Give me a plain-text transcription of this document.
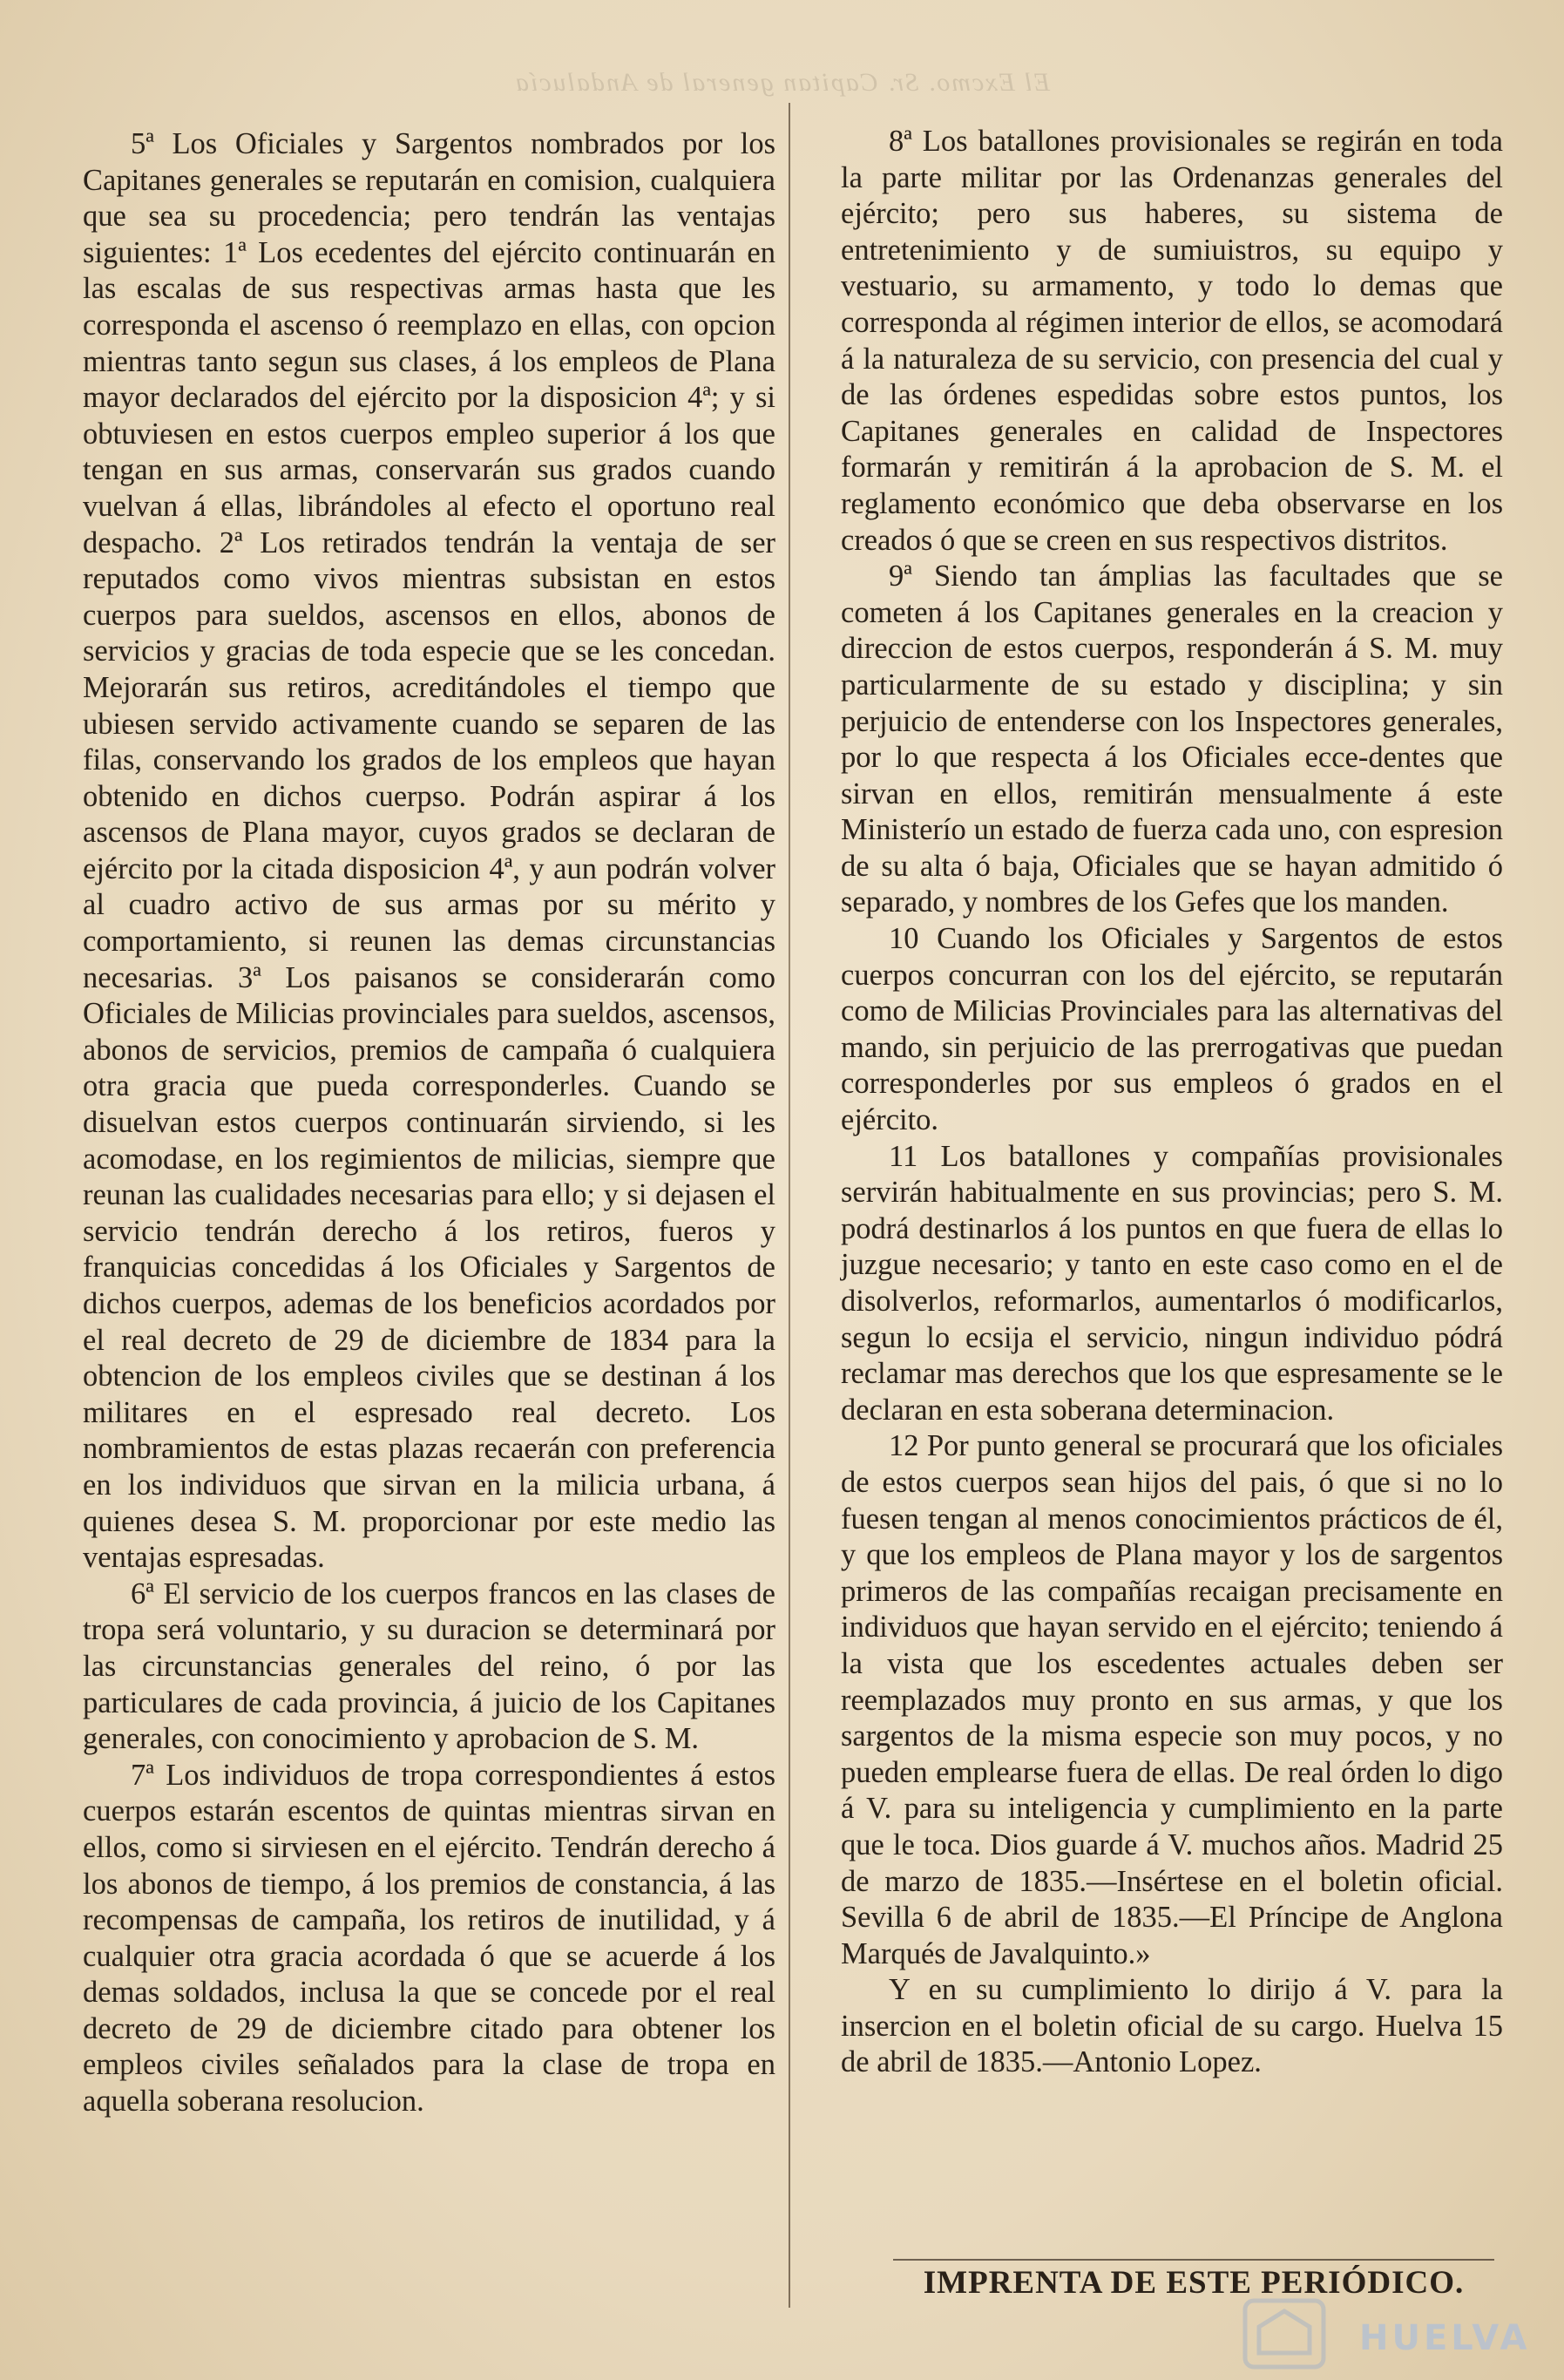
El Excmo. Sr. Capitan general de Andalucía

5ª Los Oficiales y Sargentos nombrados por los Capitanes generales se reputarán en comision, cualquiera que sea su procedencia; pero tendrán las ventajas siguientes: 1ª Los ecedentes del ejército continuarán en las escalas de sus respectivas armas hasta que les corresponda el ascenso ó reemplazo en ellas, con opcion mientras tanto segun sus clases, á los empleos de Plana mayor declarados del ejército por la disposicion 4ª; y si obtuviesen en estos cuerpos empleo superior á los que tengan en sus armas, conservarán sus grados cuando vuelvan á ellas, librándoles al efecto el oportuno real despacho. 2ª Los retirados tendrán la ventaja de ser reputados como vivos mientras subsistan en estos cuerpos para sueldos, ascensos en ellos, abonos de servicios y gracias de toda especie que se les concedan. Mejorarán sus retiros, acreditándoles el tiempo que ubiesen servido activamente cuando se separen de las filas, conservando los grados de los empleos que hayan obtenido en dichos cuerpso. Podrán aspirar á los ascensos de Plana mayor, cuyos grados se declaran de ejército por la citada disposicion 4ª, y aun podrán volver al cuadro activo de sus armas por su mérito y comportamiento, si reunen las demas circunstancias necesarias. 3ª Los paisanos se considerarán como Oficiales de Milicias provinciales para sueldos, ascensos, abonos de servicios, premios de campaña ó cualquiera otra gracia que pueda corresponderles. Cuando se disuelvan estos cuerpos continuarán sirviendo, si les acomodase, en los regimientos de milicias, siempre que reunan las cualidades necesarias para ello; y si dejasen el servicio tendrán derecho á los retiros, fueros y franquicias concedidas á los Oficiales y Sargentos de dichos cuerpos, ademas de los beneficios acordados por el real decreto de 29 de diciembre de 1834 para la obtencion de los empleos civiles que se destinan á los militares en el espresado real decreto. Los nombramientos de estas plazas recaerán con preferencia en los individuos que sirvan en la milicia urbana, á quienes desea S. M. proporcionar por este medio las ventajas espresadas.

6ª El servicio de los cuerpos francos en las clases de tropa será voluntario, y su duracion se determinará por las circunstancias generales del reino, ó por las particulares de cada provincia, á juicio de los Capitanes generales, con conocimiento y aprobacion de S. M.

7ª Los individuos de tropa correspondientes á estos cuerpos estarán escentos de quintas mientras sirvan en ellos, como si sirviesen en el ejército. Tendrán derecho á los abonos de tiempo, á los premios de constancia, á las recompensas de campaña, los retiros de inutilidad, y á cualquier otra gracia acordada ó que se acuerde á los demas soldados, inclusa la que se concede por el real decreto de 29 de diciembre citado para obtener los empleos civiles señalados para la clase de tropa en aquella soberana resolucion.

8ª Los batallones provisionales se regirán en toda la parte militar por las Ordenanzas generales del ejército; pero sus haberes, su sistema de entretenimiento y de sumiuistros, su equipo y vestuario, su armamento, y todo lo demas que corresponda al régimen interior de ellos, se acomodará á la naturaleza de su servicio, con presencia del cual y de las órdenes espedidas sobre estos puntos, los Capitanes generales en calidad de Inspectores formarán y remitirán á la aprobacion de S. M. el reglamento económico que deba observarse en los creados ó que se creen en sus respectivos distritos.

9ª Siendo tan ámplias las facultades que se cometen á los Capitanes generales en la creacion y direccion de estos cuerpos, responderán á S. M. muy particularmente de su estado y disciplina; y sin perjuicio de entenderse con los Inspectores generales, por lo que respecta á los Oficiales ecce-dentes que sirvan en ellos, remitirán mensualmente á este Ministerío un estado de fuerza cada uno, con espresion de su alta ó baja, Oficiales que se hayan admitido ó separado, y nombres de los Gefes que los manden.

10 Cuando los Oficiales y Sargentos de estos cuerpos concurran con los del ejército, se reputarán como de Milicias Provinciales para las alternativas del mando, sin perjuicio de las prerrogativas que puedan corresponderles por sus empleos ó grados en el ejército.

11 Los batallones y compañías provisionales servirán habitualmente en sus provincias; pero S. M. podrá destinarlos á los puntos en que fuera de ellas lo juzgue necesario; y tanto en este caso como en el de disolverlos, reformarlos, aumentarlos ó modificarlos, segun lo ecsija el servicio, ningun individuo pódrá reclamar mas derechos que los que espresamente se le declaran en esta soberana determinacion.

12 Por punto general se procurará que los oficiales de estos cuerpos sean hijos del pais, ó que si no lo fuesen tengan al menos conocimientos prácticos de él, y que los empleos de Plana mayor y los de sargentos primeros de las compañías recaigan precisamente en individuos que hayan servido en el ejército; teniendo á la vista que los escedentes actuales deben ser reemplazados muy pronto en sus armas, y que los sargentos de la misma especie son muy pocos, y no pueden emplearse fuera de ellas. De real órden lo digo á V. para su inteligencia y cumplimiento en la parte que le toca. Dios guarde á V. muchos años. Madrid 25 de marzo de 1835.—Insértese en el boletin oficial. Sevilla 6 de abril de 1835.—El Príncipe de Anglona Marqués de Javalquinto.»

Y en su cumplimiento lo dirijo á V. para la insercion en el boletin oficial de su cargo. Huelva 15 de abril de 1835.—Antonio Lopez.

IMPRENTA DE ESTE PERIÓDICO.
HUELVA
